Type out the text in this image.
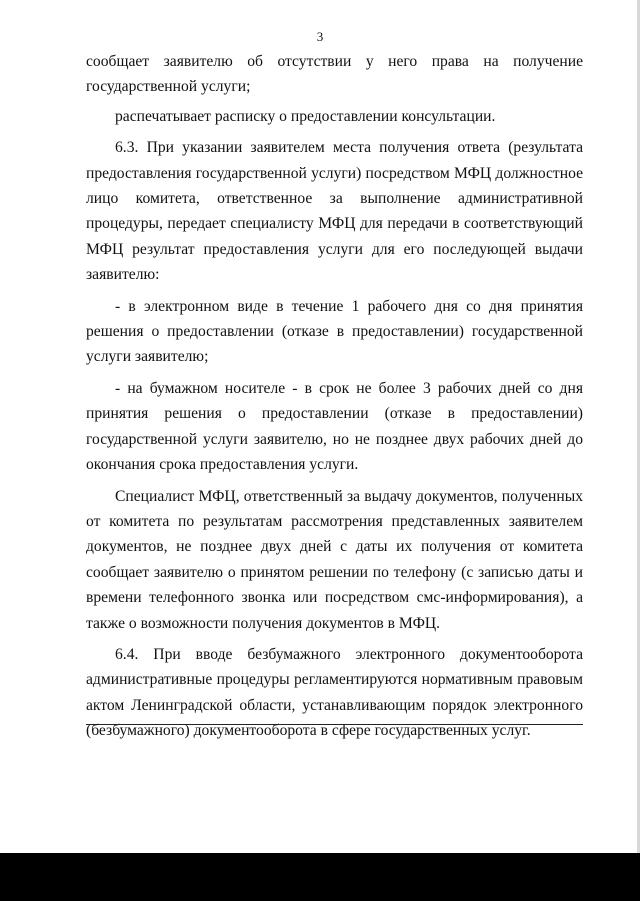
3

сообщает заявителю об отсутствии у него права на получение государственной услуги;

распечатывает расписку о предоставлении консультации.

6.3. При указании заявителем места получения ответа (результата предоставления государственной услуги) посредством МФЦ должностное лицо комитета, ответственное за выполнение административной процедуры, передает специалисту МФЦ для передачи в соответствующий МФЦ результат предоставления услуги для его последующей выдачи заявителю:

- в электронном виде в течение 1 рабочего дня со дня принятия решения о предоставлении (отказе в предоставлении) государственной услуги заявителю;

- на бумажном носителе - в срок не более 3 рабочих дней со дня принятия решения о предоставлении (отказе в предоставлении) государственной услуги заявителю, но не позднее двух рабочих дней до окончания срока предоставления услуги.

Специалист МФЦ, ответственный за выдачу документов, полученных от комитета по результатам рассмотрения представленных заявителем документов, не позднее двух дней с даты их получения от комитета сообщает заявителю о принятом решении по телефону (с записью даты и времени телефонного звонка или посредством смс-информирования), а также о возможности получения документов в МФЦ.

6.4. При вводе безбумажного электронного документооборота административные процедуры регламентируются нормативным правовым актом Ленинградской области, устанавливающим порядок электронного (безбумажного) документооборота в сфере государственных услуг.
